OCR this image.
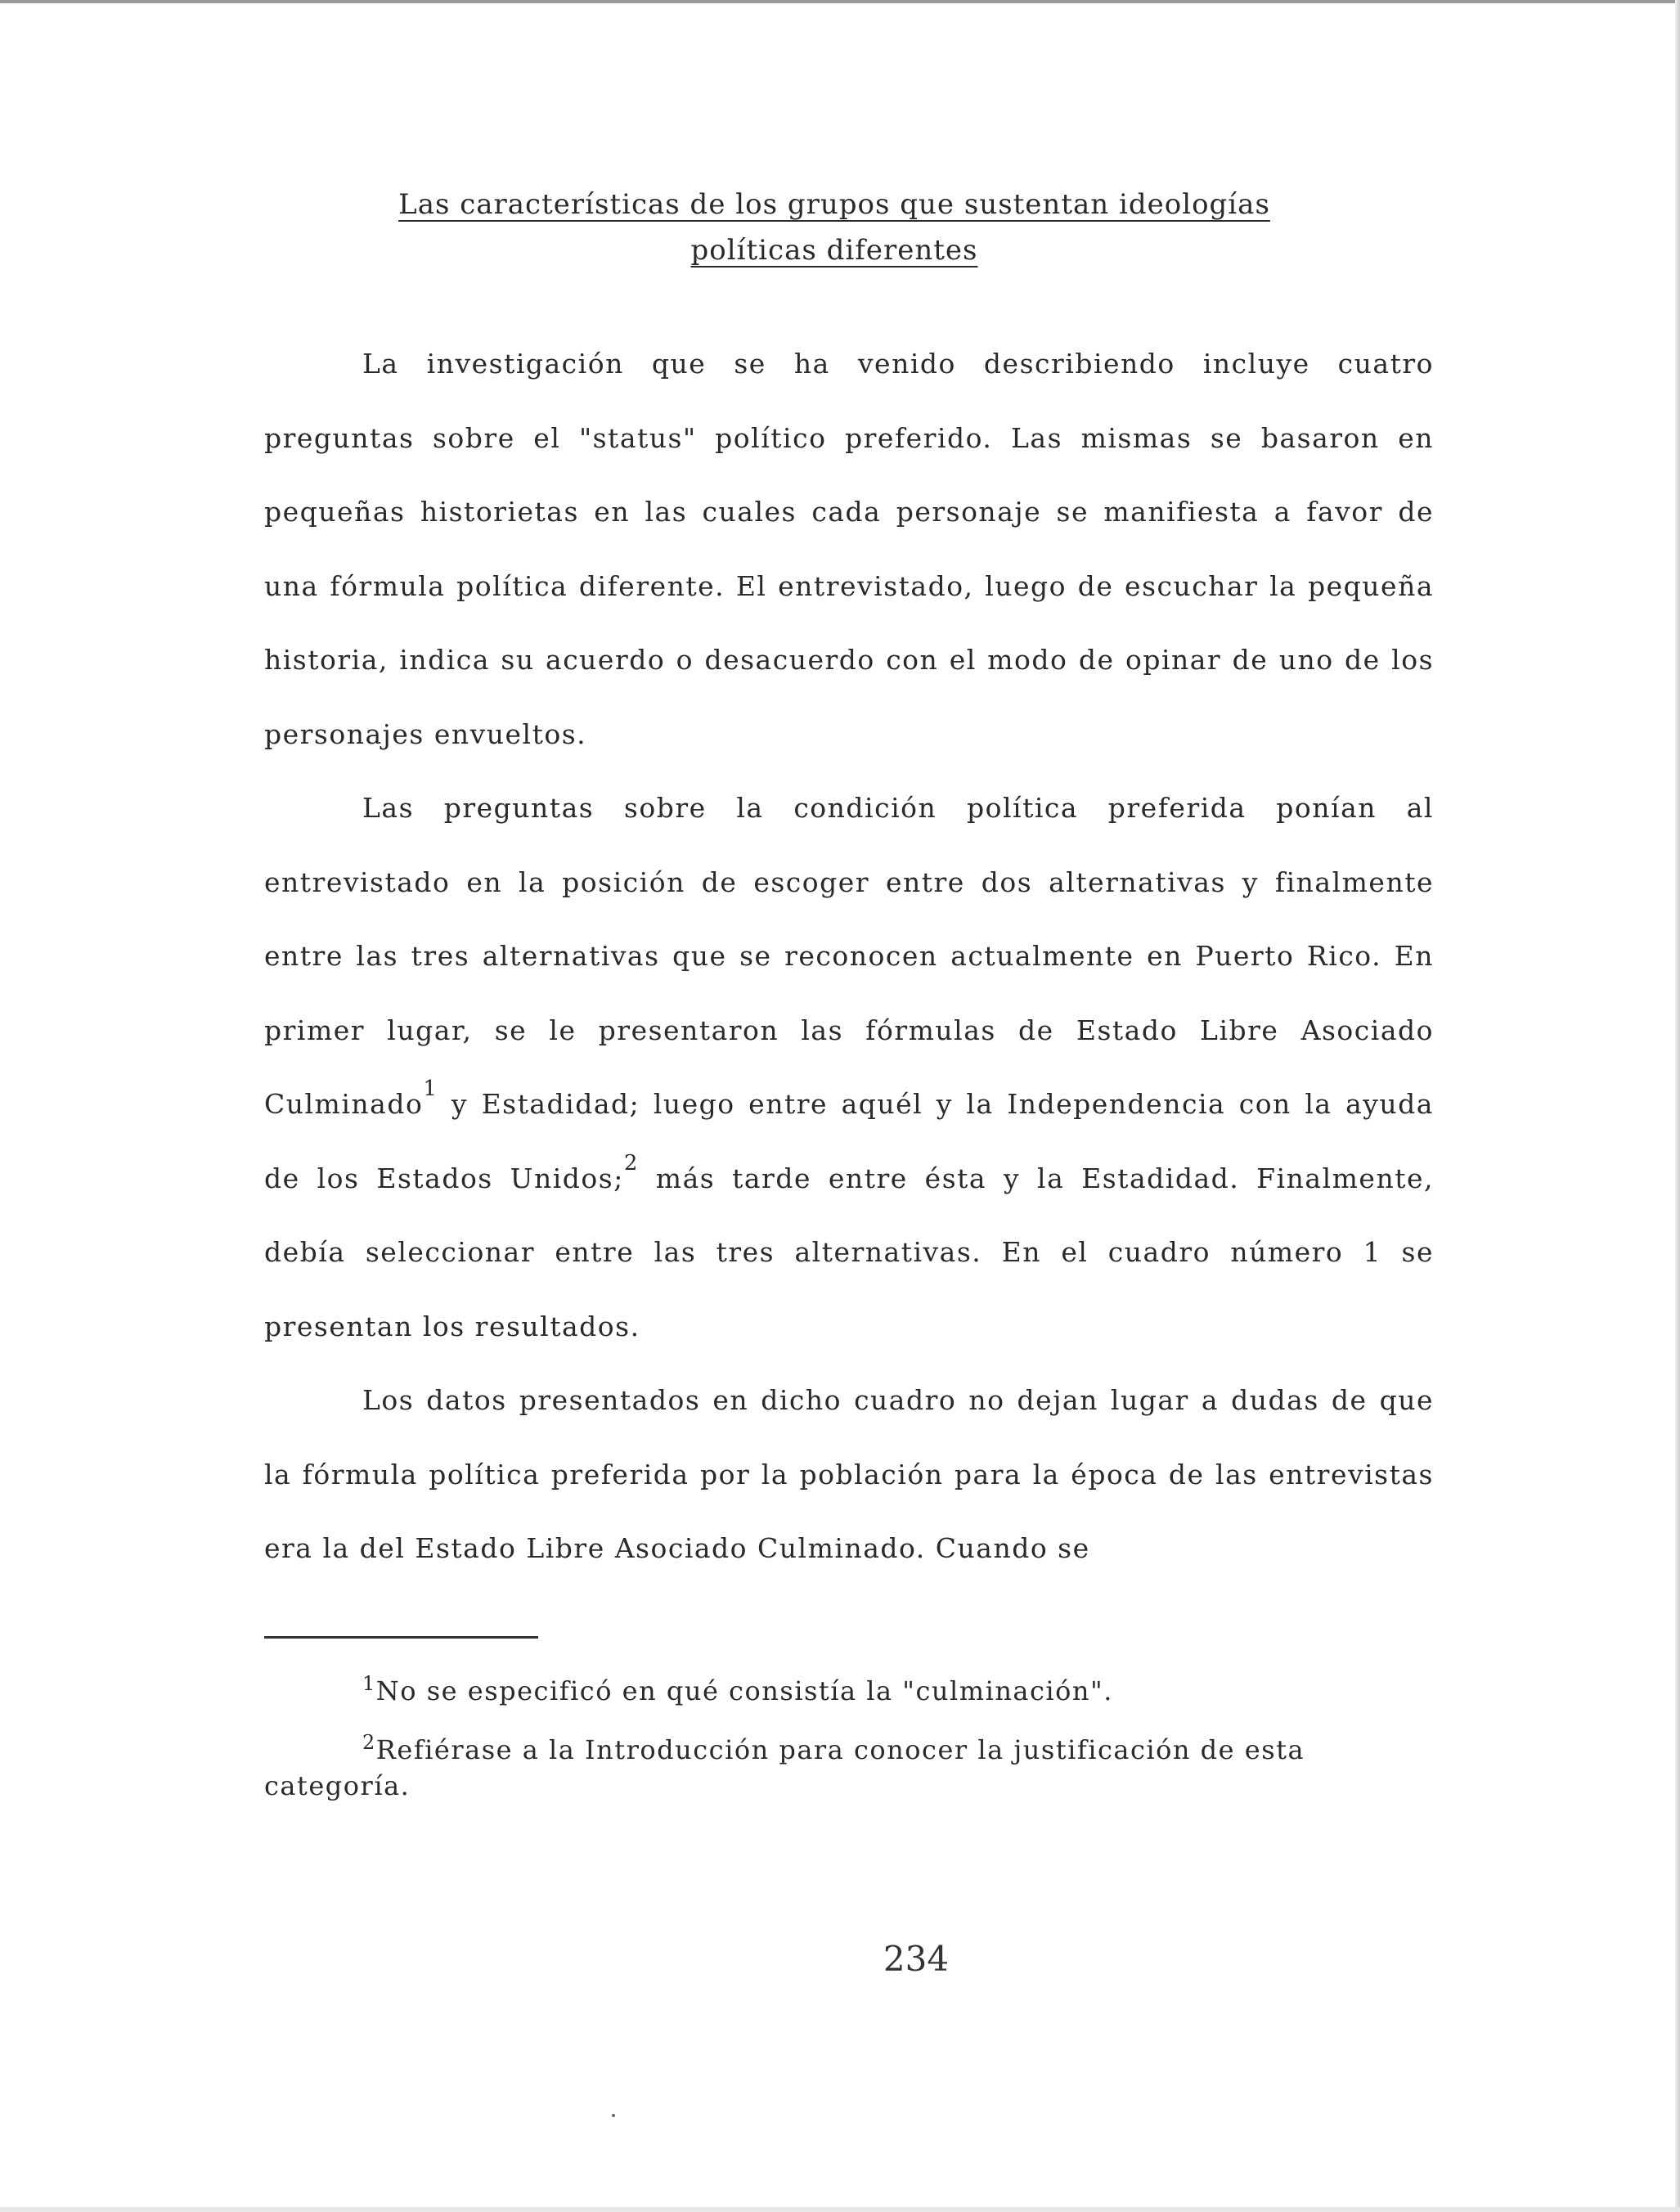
Las características de los grupos que sustentan ideologías
políticas diferentes

La investigación que se ha venido describiendo incluye cuatro preguntas sobre el "status" político preferido. Las mismas se basaron en pequeñas historietas en las cuales cada personaje se manifiesta a favor de una fórmula política diferente. El entrevistado, luego de escuchar la pequeña historia, indica su acuerdo o desacuerdo con el modo de opinar de uno de los personajes envueltos.

Las preguntas sobre la condición política preferida ponían al entrevistado en la posición de escoger entre dos alternativas y finalmente entre las tres alternativas que se reconocen actualmente en Puerto Rico. En primer lugar, se le presentaron las fórmulas de Estado Libre Asociado Culminado$^1$ y Estadidad; luego entre aquél y la Independencia con la ayuda de los Estados Unidos;$^2$ más tarde entre ésta y la Estadidad. Finalmente, debía seleccionar entre las tres alternativas. En el cuadro número 1 se presentan los resultados.

Los datos presentados en dicho cuadro no dejan lugar a dudas de que la fórmula política preferida por la población para la época de las entrevistas era la del Estado Libre Asociado Culminado. Cuando se

$^1$No se especificó en qué consistía la "culminación".

$^2$Refiérase a la Introducción para conocer la justificación de esta categoría.

234
